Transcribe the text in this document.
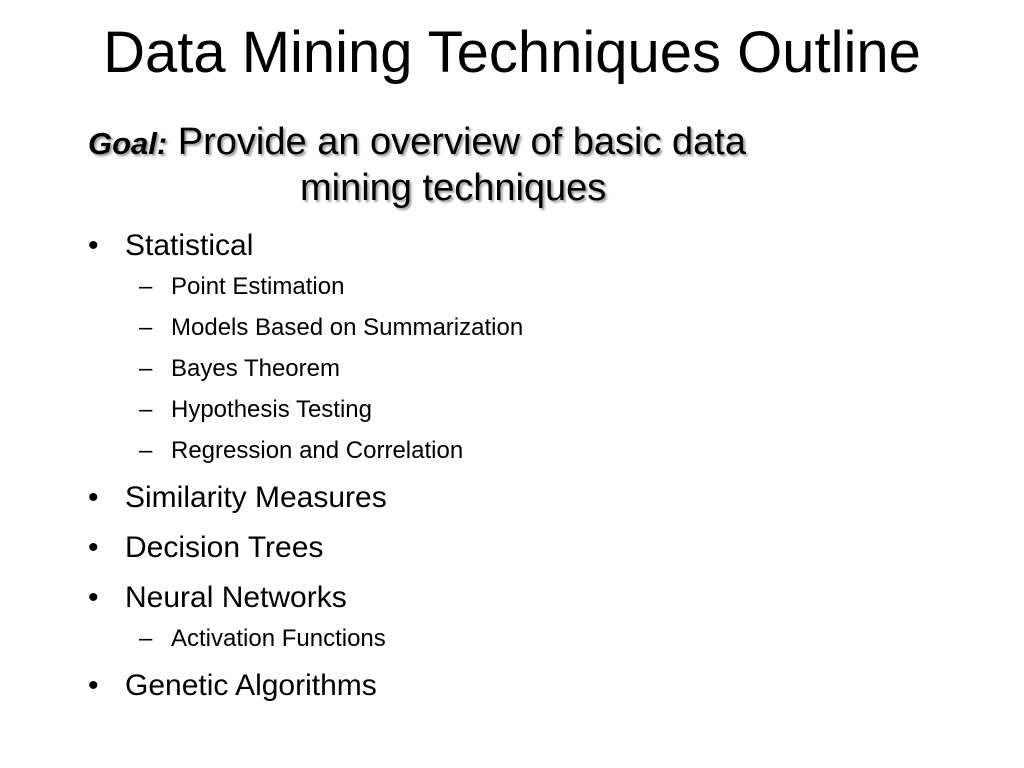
Data Mining Techniques Outline
Goal: Provide an overview of basic data
mining techniques
• Statistical
– Point Estimation
– Models Based on Summarization
– Bayes Theorem
– Hypothesis Testing
– Regression and Correlation
• Similarity Measures
• Decision Trees
• Neural Networks
– Activation Functions
• Genetic Algorithms
